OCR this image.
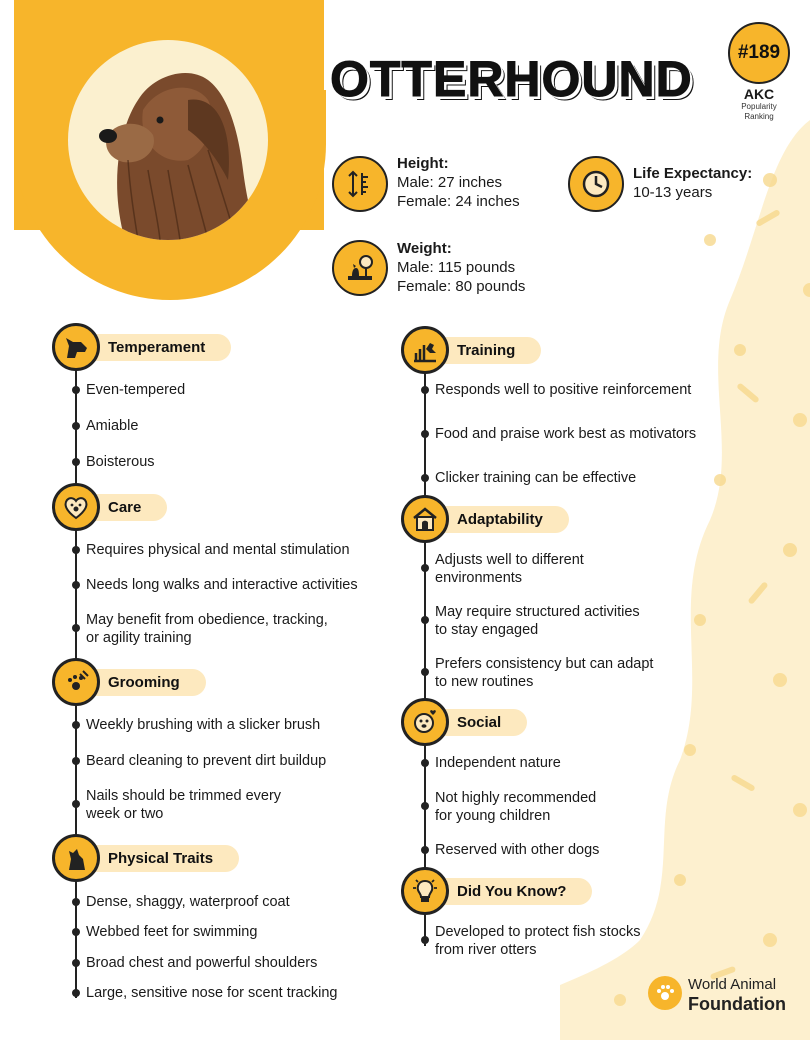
OTTERHOUND	#189
AKC
Popularity
Ranking
Height:
Male: 27 inches
Female: 24 inches
Life Expectancy:
10-13 years
Weight:
Male: 115 pounds
Female: 80 pounds
Temperament
Even-tempered
Amiable
Boisterous
Care
Requires physical and mental stimulation
Needs long walks and interactive activities
May benefit from obedience, tracking,
or agility training
Grooming
Weekly brushing with a slicker brush
Beard cleaning to prevent dirt buildup
Nails should be trimmed every
week or two
Physical Traits
Dense, shaggy, waterproof coat
Webbed feet for swimming
Broad chest and powerful shoulders
Large, sensitive nose for scent tracking
Training
Responds well to positive reinforcement
Food and praise work best as motivators
Clicker training can be effective
Adaptability
Adjusts well to different
environments
May require structured activities
to stay engaged
Prefers consistency but can adapt
to new routines
Social
Independent nature
Not highly recommended
for young children
Reserved with other dogs
Did You Know?
Developed to protect fish stocks
from river otters
World Animal
Foundation
